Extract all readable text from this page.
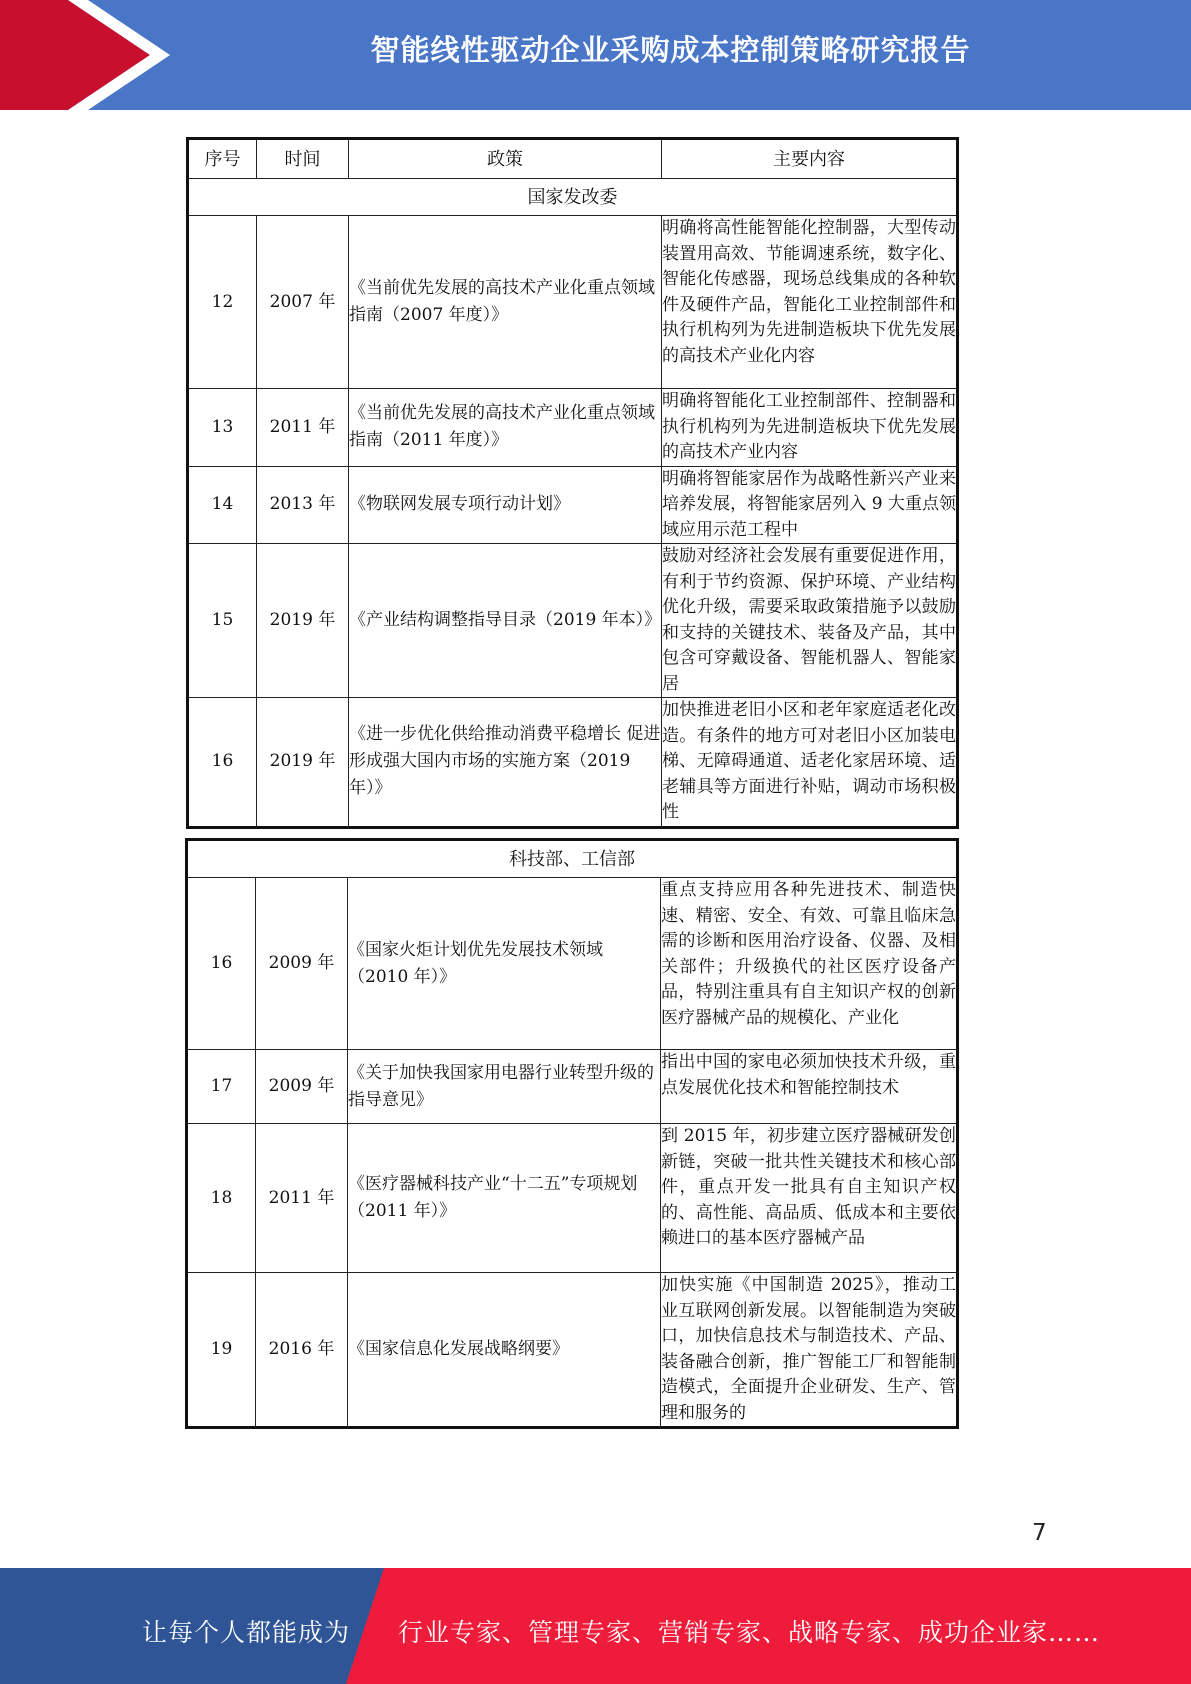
智能线性驱动企业采购成本控制策略研究报告
序号	时间	政策	主要内容
国家发改委			
12	2007 年	《当前优先发展的高技术产业化重点领域指南（2007 年度）》	明确将高性能智能化控制器，大型传动装置用高效、节能调速系统，数字化、智能化传感器，现场总线集成的各种软件及硬件产品，智能化工业控制部件和执行机构列为先进制造板块下优先发展的高技术产业化内容
13	2011 年	《当前优先发展的高技术产业化重点领域指南（2011 年度）》	明确将智能化工业控制部件、控制器和执行机构列为先进制造板块下优先发展的高技术产业内容
14	2013 年	《物联网发展专项行动计划》	明确将智能家居作为战略性新兴产业来培养发展，将智能家居列入 9 大重点领域应用示范工程中
15	2019 年	《产业结构调整指导目录（2019 年本）》	鼓励对经济社会发展有重要促进作用，有利于节约资源、保护环境、产业结构优化升级，需要采取政策措施予以鼓励和支持的关键技术、装备及产品，其中包含可穿戴设备、智能机器人、智能家居
16	2019 年	《进一步优化供给推动消费平稳增长 促进形成强大国内市场的实施方案（2019 年）》	加快推进老旧小区和老年家庭适老化改造。有条件的地方可对老旧小区加装电梯、无障碍通道、适老化家居环境、适老辅具等方面进行补贴，调动市场积极性
科技部、工信部			
16	2009 年	《国家火炬计划优先发展技术领域（2010 年）》	重点支持应用各种先进技术、制造快速、精密、安全、有效、可靠且临床急需的诊断和医用治疗设备、仪器、及相关部件；升级换代的社区医疗设备产品，特别注重具有自主知识产权的创新医疗器械产品的规模化、产业化
17	2009 年	《关于加快我国家用电器行业转型升级的指导意见》	指出中国的家电必须加快技术升级，重点发展优化技术和智能控制技术
18	2011 年	《医疗器械科技产业“十二五”专项规划（2011 年）》	到 2015 年，初步建立医疗器械研发创新链，突破一批共性关键技术和核心部件，重点开发一批具有自主知识产权的、高性能、高品质、低成本和主要依赖进口的基本医疗器械产品
19	2016 年	《国家信息化发展战略纲要》	加快实施《中国制造 2025》，推动工业互联网创新发展。以智能制造为突破口，加快信息技术与制造技术、产品、装备融合创新，推广智能工厂和智能制造模式，全面提升企业研发、生产、管理和服务的
7
让每个人都能成为 行业专家、管理专家、营销专家、战略专家、成功企业家……
